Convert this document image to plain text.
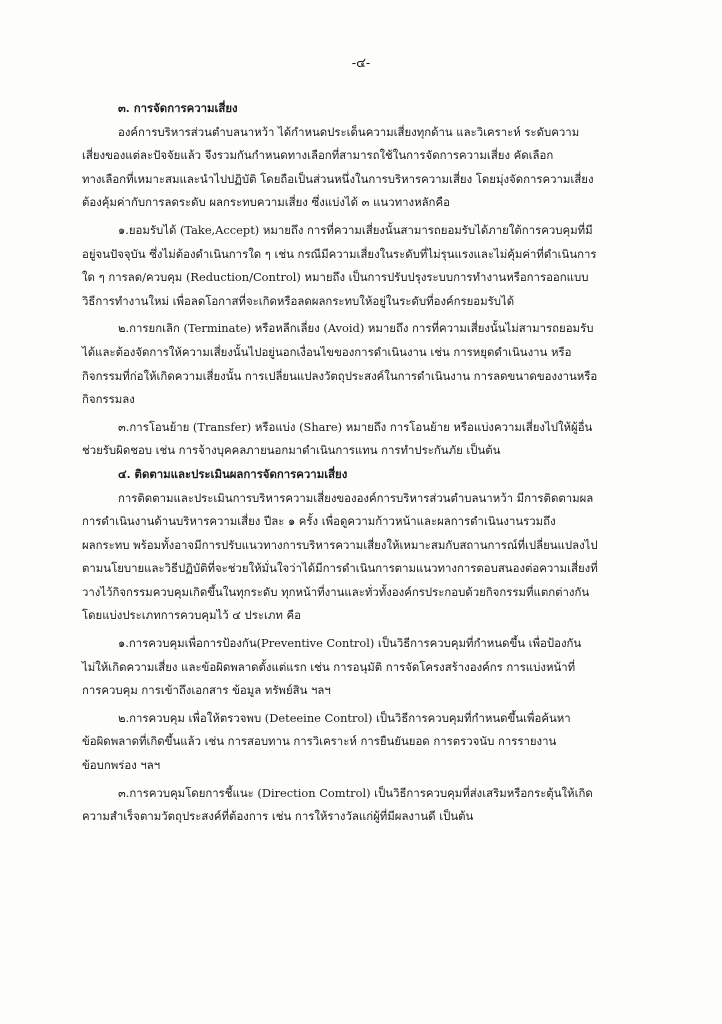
-๔-

๓. การจัดการความเสี่ยง

องค์การบริหารส่วนตำบลนาหว้า ได้กำหนดประเด็นความเสี่ยงทุกด้าน และวิเคราะห์ ระดับความ

เสี่ยงของแต่ละปัจจัยแล้ว จึงรวมกันกำหนดทางเลือกที่สามารถใช้ในการจัดการความเสี่ยง คัดเลือก

ทางเลือกที่เหมาะสมและนำไปปฏิบัติ โดยถือเป็นส่วนหนึ่งในการบริหารความเสี่ยง โดยมุ่งจัดการความเสี่ยง

ต้องคุ้มค่ากับการลดระดับ ผลกระทบความเสี่ยง ซึ่งแบ่งได้ ๓ แนวทางหลักคือ

๑.ยอมรับได้ (Take,Accept) หมายถึง การที่ความเสี่ยงนั้นสามารถยอมรับได้ภายใต้การควบคุมที่มี

อยู่จนปัจจุบัน ซึ่งไม่ต้องดำเนินการใด ๆ เช่น กรณีมีความเสี่ยงในระดับที่ไม่รุนแรงและไม่คุ้มค่าที่ดำเนินการ

ใด ๆ การลด/ควบคุม (Reduction/Control) หมายถึง เป็นการปรับปรุงระบบการทำงานหรือการออกแบบ

วิธีการทำงานใหม่ เพื่อลดโอกาสที่จะเกิดหรือลดผลกระทบให้อยู่ในระดับที่องค์กรยอมรับได้

๒.การยกเลิก (Terminate) หรือหลีกเลี่ยง (Avoid) หมายถึง การที่ความเสี่ยงนั้นไม่สามารถยอมรับ

ได้และต้องจัดการให้ความเสี่ยงนั้นไปอยู่นอกเงื่อนไขของการดำเนินงาน เช่น การหยุดดำเนินงาน หรือ

กิจกรรมที่ก่อให้เกิดความเสี่ยงนั้น การเปลี่ยนแปลงวัตถุประสงค์ในการดำเนินงาน การลดขนาดของงานหรือ

กิจกรรมลง

๓.การโอนย้าย (Transfer) หรือแบ่ง (Share) หมายถึง การโอนย้าย หรือแบ่งความเสี่ยงไปให้ผู้อื่น

ช่วยรับผิดชอบ เช่น การจ้างบุคคลภายนอกมาดำเนินการแทน การทำประกันภัย เป็นต้น

๔. ติดตามและประเมินผลการจัดการความเสี่ยง

การติดตามและประเมินการบริหารความเสี่ยงขององค์การบริหารส่วนตำบลนาหว้า มีการติดตามผล

การดำเนินงานด้านบริหารความเสี่ยง ปีละ ๑ ครั้ง เพื่อดูความก้าวหน้าและผลการดำเนินงานรวมถึง

ผลกระทบ พร้อมทั้งอาจมีการปรับแนวทางการบริหารความเสี่ยงให้เหมาะสมกับสถานการณ์ที่เปลี่ยนแปลงไป

ตามนโยบายและวิธีปฏิบัติที่จะช่วยให้มั่นใจว่าได้มีการดำเนินการตามแนวทางการตอบสนองต่อความเสี่ยงที่

วางไว้กิจกรรมควบคุมเกิดขึ้นในทุกระดับ ทุกหน้าที่งานและทั่วทั้งองค์กรประกอบด้วยกิจกรรมที่แตกต่างกัน

โดยแบ่งประเภทการควบคุมไว้ ๔ ประเภท คือ

๑.การควบคุมเพื่อการป้องกัน(Preventive Control) เป็นวิธีการควบคุมที่กำหนดขึ้น เพื่อป้องกัน

ไม่ให้เกิดความเสี่ยง และข้อผิดพลาดตั้งแต่แรก เช่น การอนุมัติ การจัดโครงสร้างองค์กร การแบ่งหน้าที่

การควบคุม การเข้าถึงเอกสาร ข้อมูล ทรัพย์สิน ฯลฯ

๒.การควบคุม เพื่อให้ตรวจพบ (Deteeine Control) เป็นวิธีการควบคุมที่กำหนดขึ้นเพื่อค้นหา

ข้อผิดพลาดที่เกิดขึ้นแล้ว เช่น การสอบทาน การวิเคราะห์ การยืนยันยอด การตรวจนับ การรายงาน

ข้อบกพร่อง ฯลฯ

๓.การควบคุมโดยการชี้แนะ (Direction Comtrol) เป็นวิธีการควบคุมที่ส่งเสริมหรือกระตุ้นให้เกิด

ความสำเร็จตามวัตถุประสงค์ที่ต้องการ เช่น การให้รางวัลแก่ผู้ที่มีผลงานดี เป็นต้น
